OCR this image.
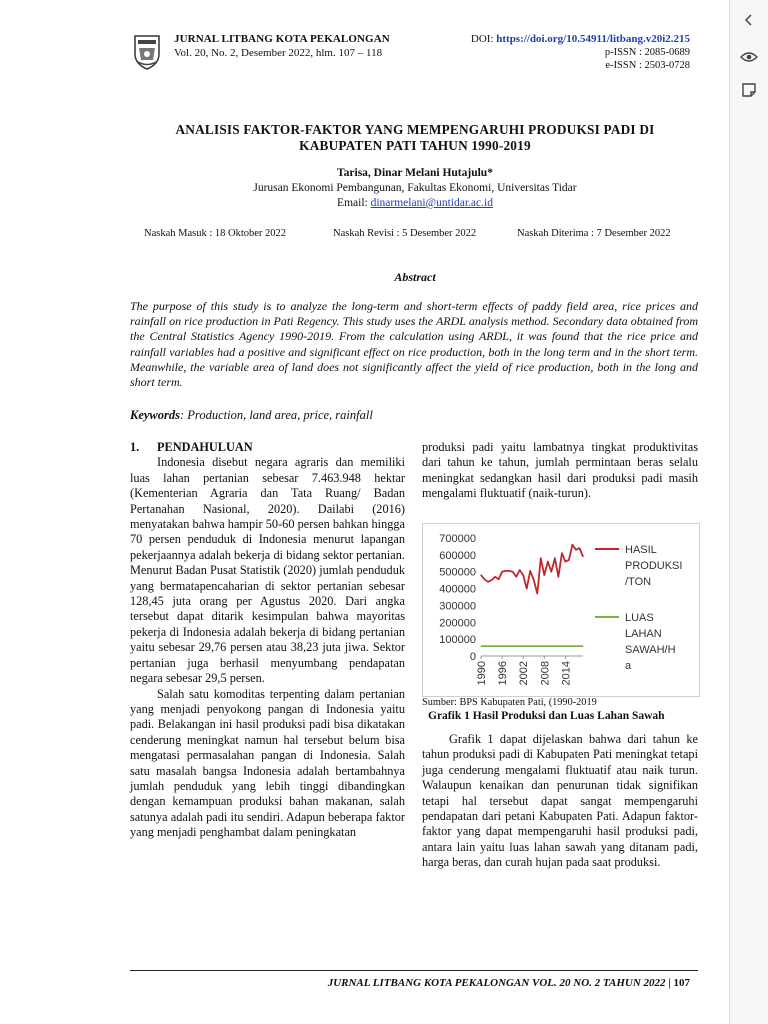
JURNAL LITBANG KOTA PEKALONGAN
Vol. 20, No. 2, Desember 2022, hlm. 107 – 118
DOI: https://doi.org/10.54911/litbang.v20i2.215
p-ISSN : 2085-0689
e-ISSN : 2503-0728
ANALISIS FAKTOR-FAKTOR YANG MEMPENGARUHI PRODUKSI PADI DI
KABUPATEN PATI TAHUN 1990-2019
Tarisa, Dinar Melani Hutajulu*
Jurusan Ekonomi Pembangunan, Fakultas Ekonomi, Universitas Tidar
Email: dinarmelani@untidar.ac.id
Naskah Masuk : 18 Oktober 2022	Naskah Revisi : 5 Desember 2022	Naskah Diterima : 7 Desember 2022
Abstract
The purpose of this study is to analyze the long-term and short-term effects of paddy field area, rice prices and rainfall on rice production in Pati Regency. This study uses the ARDL analysis method. Secondary data obtained from the Central Statistics Agency 1990-2019. From the calculation using ARDL, it was found that the rice price and rainfall variables had a positive and significant effect on rice production, both in the long term and in the short term. Meanwhile, the variable area of land does not significantly affect the yield of rice production, both in the long and short term.
Keywords: Production, land area, price, rainfall
1. PENDAHULUAN

Indonesia disebut negara agraris dan memiliki luas lahan pertanian sebesar 7.463.948 hektar (Kementerian Agraria dan Tata Ruang/ Badan Pertanahan Nasional, 2020). Dailabi (2016) menyatakan bahwa hampir 50-60 persen bahkan hingga 70 persen penduduk di Indonesia menurut lapangan pekerjaannya adalah bekerja di bidang sektor pertanian. Menurut Badan Pusat Statistik (2020) jumlah penduduk yang bermatapencaharian di sektor pertanian sebesar 128,45 juta orang per Agustus 2020. Dari angka tersebut dapat ditarik kesimpulan bahwa mayoritas pekerja di Indonesia adalah bekerja di bidang pertanian yaitu sebesar 29,76 persen atau 38,23 juta jiwa. Sektor pertanian juga berhasil menyumbang pendapatan negara sebesar 29,5 persen.

Salah satu komoditas terpenting dalam pertanian yang menjadi penyokong pangan di Indonesia yaitu padi. Belakangan ini hasil produksi padi bisa dikatakan cenderung meningkat namun hal tersebut belum bisa mengatasi permasalahan pangan di Indonesia. Salah satu masalah bangsa Indonesia adalah bertambahnya jumlah penduduk yang lebih tinggi dibandingkan dengan kemampuan produksi bahan makanan, salah satunya adalah padi itu sendiri. Adapun beberapa faktor yang menjadi penghambat dalam peningkatan

produksi padi yaitu lambatnya tingkat produktivitas dari tahun ke tahun, jumlah permintaan beras selalu meningkat sedangkan hasil dari produksi padi masih mengalami fluktuatif (naik-turun).

0
100000
200000
300000
400000
500000
600000
700000
1990 1996 2002 2008 2014
HASIL
PRODUKSI
/TON
LUAS
LAHAN
SAWAH/H
a
Sumber: BPS Kabupaten Pati, (1990-2019
Grafik 1 Hasil Produksi dan Luas Lahan Sawah

Grafik 1 dapat dijelaskan bahwa dari tahun ke tahun produksi padi di Kabupaten Pati meningkat tetapi juga cenderung mengalami fluktuatif atau naik turun. Walaupun kenaikan dan penurunan tidak signifikan tetapi hal tersebut dapat sangat mempengaruhi pendapatan dari petani Kabupaten Pati. Adapun faktor-faktor yang dapat mempengaruhi hasil produksi padi, antara lain yaitu luas lahan sawah yang ditanam padi, harga beras, dan curah hujan pada saat produksi.

JURNAL LITBANG KOTA PEKALONGAN VOL. 20 NO. 2 TAHUN 2022 | 107
